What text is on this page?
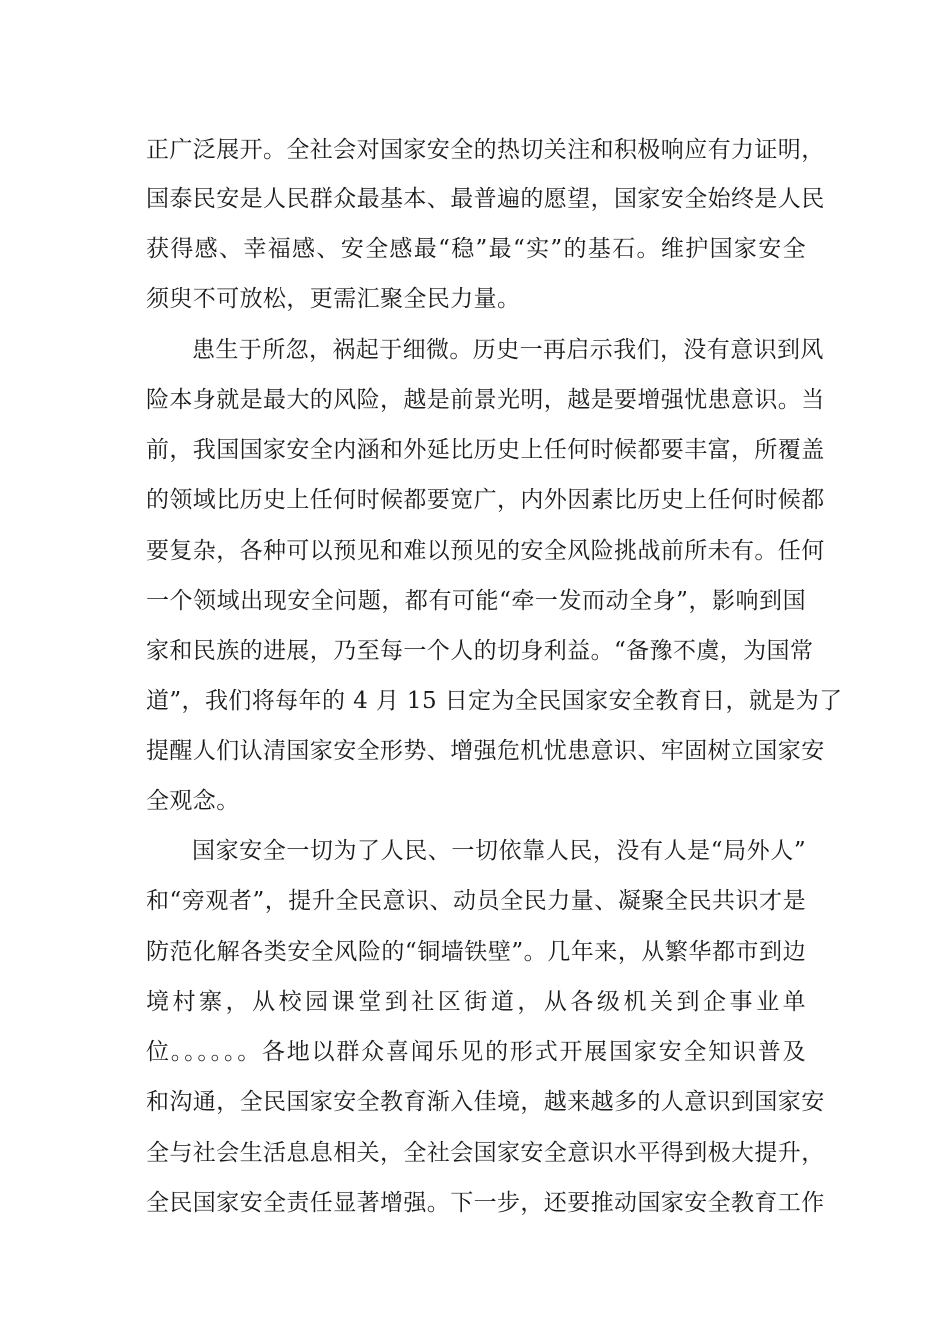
正广泛展开。全社会对国家安全的热切关注和积极响应有力证明，
国泰民安是人民群众最基本、最普遍的愿望，国家安全始终是人民
获得感、幸福感、安全感最“稳”最“实”的基石。维护国家安全
须臾不可放松，更需汇聚全民力量。
患生于所忽，祸起于细微。历史一再启示我们，没有意识到风
险本身就是最大的风险，越是前景光明，越是要增强忧患意识。当
前，我国国家安全内涵和外延比历史上任何时候都要丰富，所覆盖
的领域比历史上任何时候都要宽广，内外因素比历史上任何时候都
要复杂，各种可以预见和难以预见的安全风险挑战前所未有。任何
一个领域出现安全问题，都有可能“牵一发而动全身”，影响到国
家和民族的进展，乃至每一个人的切身利益。“备豫不虞，为国常
道”，我们将每年的 4 月 15 日定为全民国家安全教育日，就是为了
提醒人们认清国家安全形势、增强危机忧患意识、牢固树立国家安
全观念。
国家安全一切为了人民、一切依靠人民，没有人是“局外人”
和“旁观者”，提升全民意识、动员全民力量、凝聚全民共识才是
防范化解各类安全风险的“铜墙铁壁”。几年来，从繁华都市到边
境村寨，从校园课堂到社区街道，从各级机关到企事业单
位。。。。。。各地以群众喜闻乐见的形式开展国家安全知识普及
和沟通，全民国家安全教育渐入佳境，越来越多的人意识到国家安
全与社会生活息息相关，全社会国家安全意识水平得到极大提升，
全民国家安全责任显著增强。下一步，还要推动国家安全教育工作
